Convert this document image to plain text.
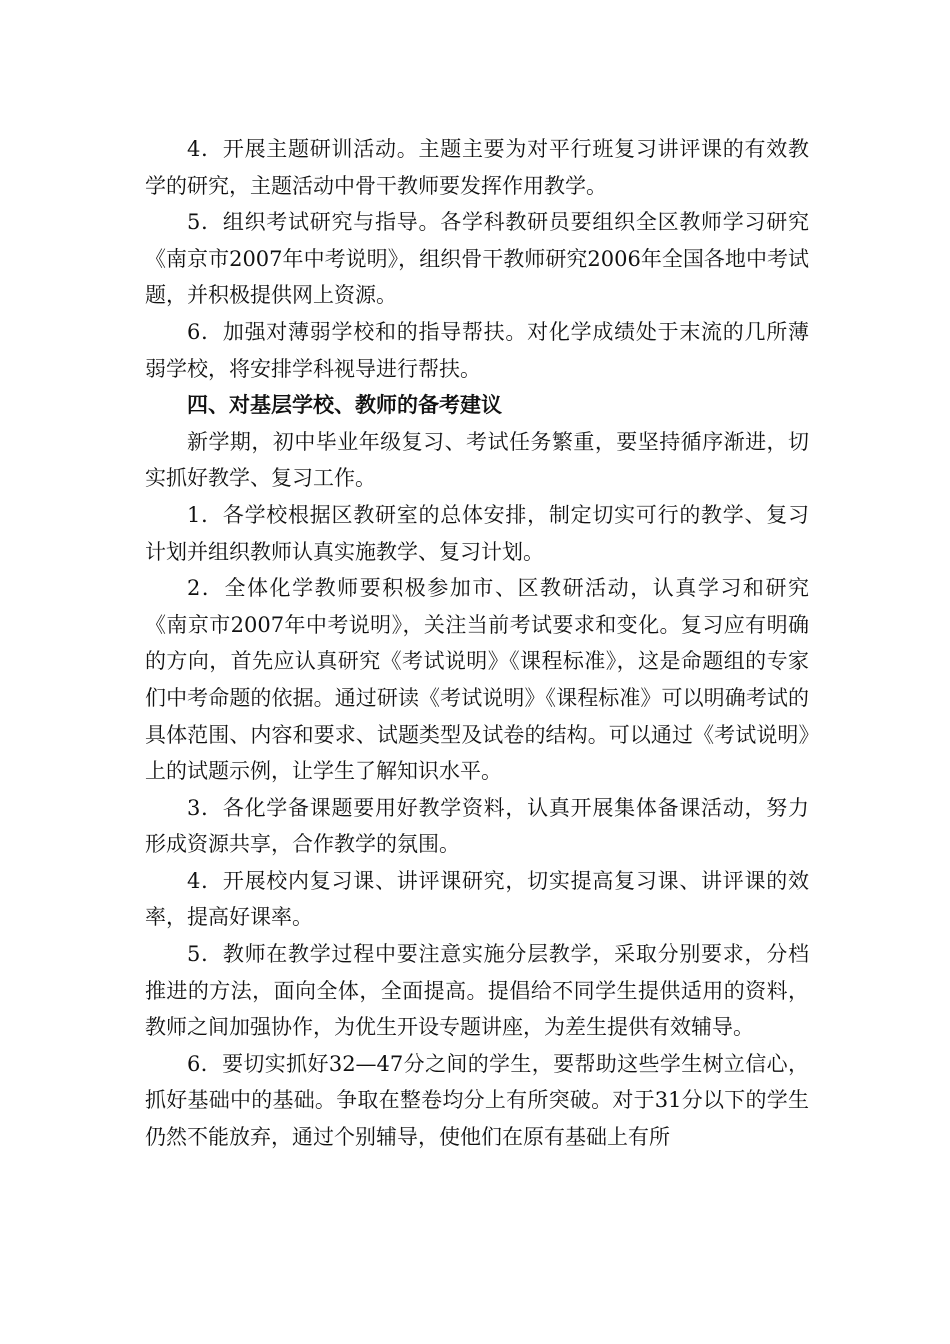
4．开展主题研训活动。主题主要为对平行班复习讲评课的有效教学的研究，主题活动中骨干教师要发挥作用教学。

5．组织考试研究与指导。各学科教研员要组织全区教师学习研究《南京市2007年中考说明》，组织骨干教师研究2006年全国各地中考试题，并积极提供网上资源。

6．加强对薄弱学校和的指导帮扶。对化学成绩处于末流的几所薄弱学校，将安排学科视导进行帮扶。

四、对基层学校、教师的备考建议

新学期，初中毕业年级复习、考试任务繁重，要坚持循序渐进，切实抓好教学、复习工作。

1．各学校根据区教研室的总体安排，制定切实可行的教学、复习计划并组织教师认真实施教学、复习计划。

2．全体化学教师要积极参加市、区教研活动，认真学习和研究《南京市2007年中考说明》，关注当前考试要求和变化。复习应有明确的方向，首先应认真研究《考试说明》《课程标准》，这是命题组的专家们中考命题的依据。通过研读《考试说明》《课程标准》可以明确考试的具体范围、内容和要求、试题类型及试卷的结构。可以通过《考试说明》上的试题示例，让学生了解知识水平。

3．各化学备课题要用好教学资料，认真开展集体备课活动，努力形成资源共享，合作教学的氛围。

4．开展校内复习课、讲评课研究，切实提高复习课、讲评课的效率，提高好课率。

5．教师在教学过程中要注意实施分层教学，采取分别要求，分档推进的方法，面向全体，全面提高。提倡给不同学生提供适用的资料，教师之间加强协作，为优生开设专题讲座，为差生提供有效辅导。

6．要切实抓好32—47分之间的学生，要帮助这些学生树立信心，抓好基础中的基础。争取在整卷均分上有所突破。对于31分以下的学生仍然不能放弃，通过个别辅导，使他们在原有基础上有所
